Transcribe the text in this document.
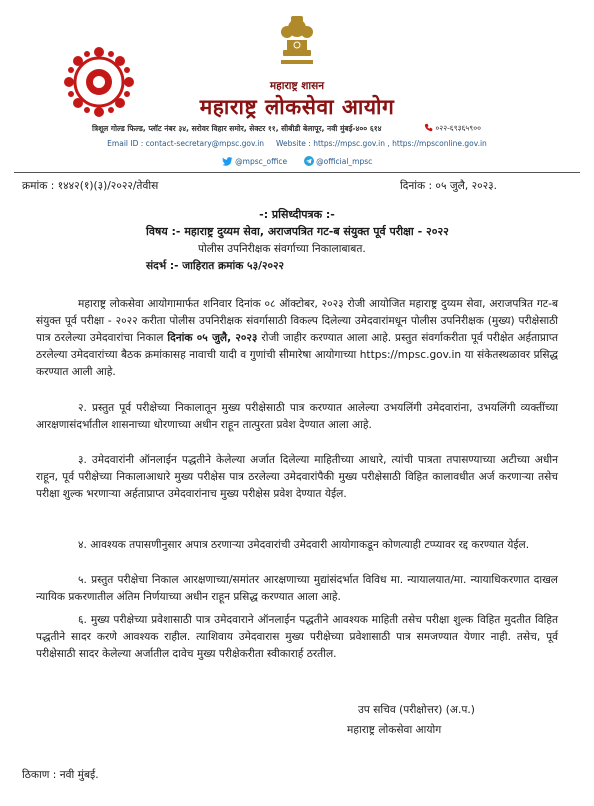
महाराष्ट्र शासन
महाराष्ट्र लोकसेवा आयोग
त्रिशूल गोल्ड फिल्ड, प्लॉट नंबर ३४, सरोवर विहार समोर, सेक्टर ११, सीबीडी बेलापूर, नवी मुंबई-४०० ६१४	०२२-६९३६५९००
Email ID : contact-secretary@mpsc.gov.in Website : https://mpsc.gov.in , https://mpsconline.gov.in
@mpsc_office	@official_mpsc
क्रमांक : १४४२(१)(३)/२०२२/तेवीस	दिनांक : ०५ जुलै, २०२३.
-: प्रसिध्दीपत्रक :-
विषय :- महाराष्ट्र दुय्यम सेवा, अराजपत्रित गट-ब संयुक्त पूर्व परीक्षा - २०२२
पोलीस उपनिरीक्षक संवर्गाच्या निकालाबाबत.
संदर्भ :- जाहिरात क्रमांक ५३/२०२२
महाराष्ट्र लोकसेवा आयोगामार्फत शनिवार दिनांक ०८ ऑक्टोबर, २०२३ रोजी आयोजित महाराष्ट्र दुय्यम सेवा, अराजपत्रित गट-ब संयुक्त पूर्व परीक्षा - २०२२ करीता पोलीस उपनिरीक्षक संवर्गासाठी विकल्प दिलेल्या उमेदवारांमधून पोलीस उपनिरीक्षक (मुख्य) परीक्षेसाठी पात्र ठरलेल्या उमेदवारांचा निकाल दिनांक ०५ जुलै, २०२३ रोजी जाहीर करण्यात आला आहे. प्रस्तुत संवर्गाकरीता पूर्व परीक्षेत अर्हताप्राप्त ठरलेल्या उमेदवारांच्या बैठक क्रमांकासह नावाची यादी व गुणांची सीमारेषा आयोगाच्या https://mpsc.gov.in या संकेतस्थळावर प्रसिद्ध करण्यात आली आहे.
२. प्रस्तुत पूर्व परीक्षेच्या निकालातून मुख्य परीक्षेसाठी पात्र करण्यात आलेल्या उभयलिंगी उमेदवारांना, उभयलिंगी व्यक्तींच्या आरक्षणासंदर्भातील शासनाच्या धोरणाच्या अधीन राहून तात्पुरता प्रवेश देण्यात आला आहे.
३. उमेदवारांनी ऑनलाईन पद्धतीने केलेल्या अर्जात दिलेल्या माहितीच्या आधारे, त्यांची पात्रता तपासण्याच्या अटीच्या अधीन राहून, पूर्व परीक्षेच्या निकालाआधारे मुख्य परीक्षेस पात्र ठरलेल्या उमेदवारांपैकी मुख्य परीक्षेसाठी विहित कालावधीत अर्ज करणाऱ्या तसेच परीक्षा शुल्क भरणाऱ्या अर्हताप्राप्त उमेदवारांनाच मुख्य परीक्षेस प्रवेश देण्यात येईल.
४. आवश्यक तपासणीनुसार अपात्र ठरणाऱ्या उमेदवारांची उमेदवारी आयोगाकडून कोणत्याही टप्प्यावर रद्द करण्यात येईल.
५. प्रस्तुत परीक्षेचा निकाल आरक्षणाच्या/समांतर आरक्षणाच्या मुद्यांसंदर्भात विविध मा. न्यायालयात/मा. न्यायाधिकरणात दाखल न्यायिक प्रकरणातील अंतिम निर्णयाच्या अधीन राहून प्रसिद्ध करण्यात आला आहे.
६. मुख्य परीक्षेच्या प्रवेशासाठी पात्र उमेदवाराने ऑनलाईन पद्धतीने आवश्यक माहिती तसेच परीक्षा शुल्क विहित मुदतीत विहित पद्धतीने सादर करणे आवश्यक राहील. त्याशिवाय उमेदवारास मुख्य परीक्षेच्या प्रवेशासाठी पात्र समजण्यात येणार नाही. तसेच, पूर्व परीक्षेसाठी सादर केलेल्या अर्जातील दावेच मुख्य परीक्षेकरीता स्वीकारार्ह ठरतील.
उप सचिव (परीक्षोत्तर) (अ.प.)
महाराष्ट्र लोकसेवा आयोग
ठिकाण : नवी मुंबई.
